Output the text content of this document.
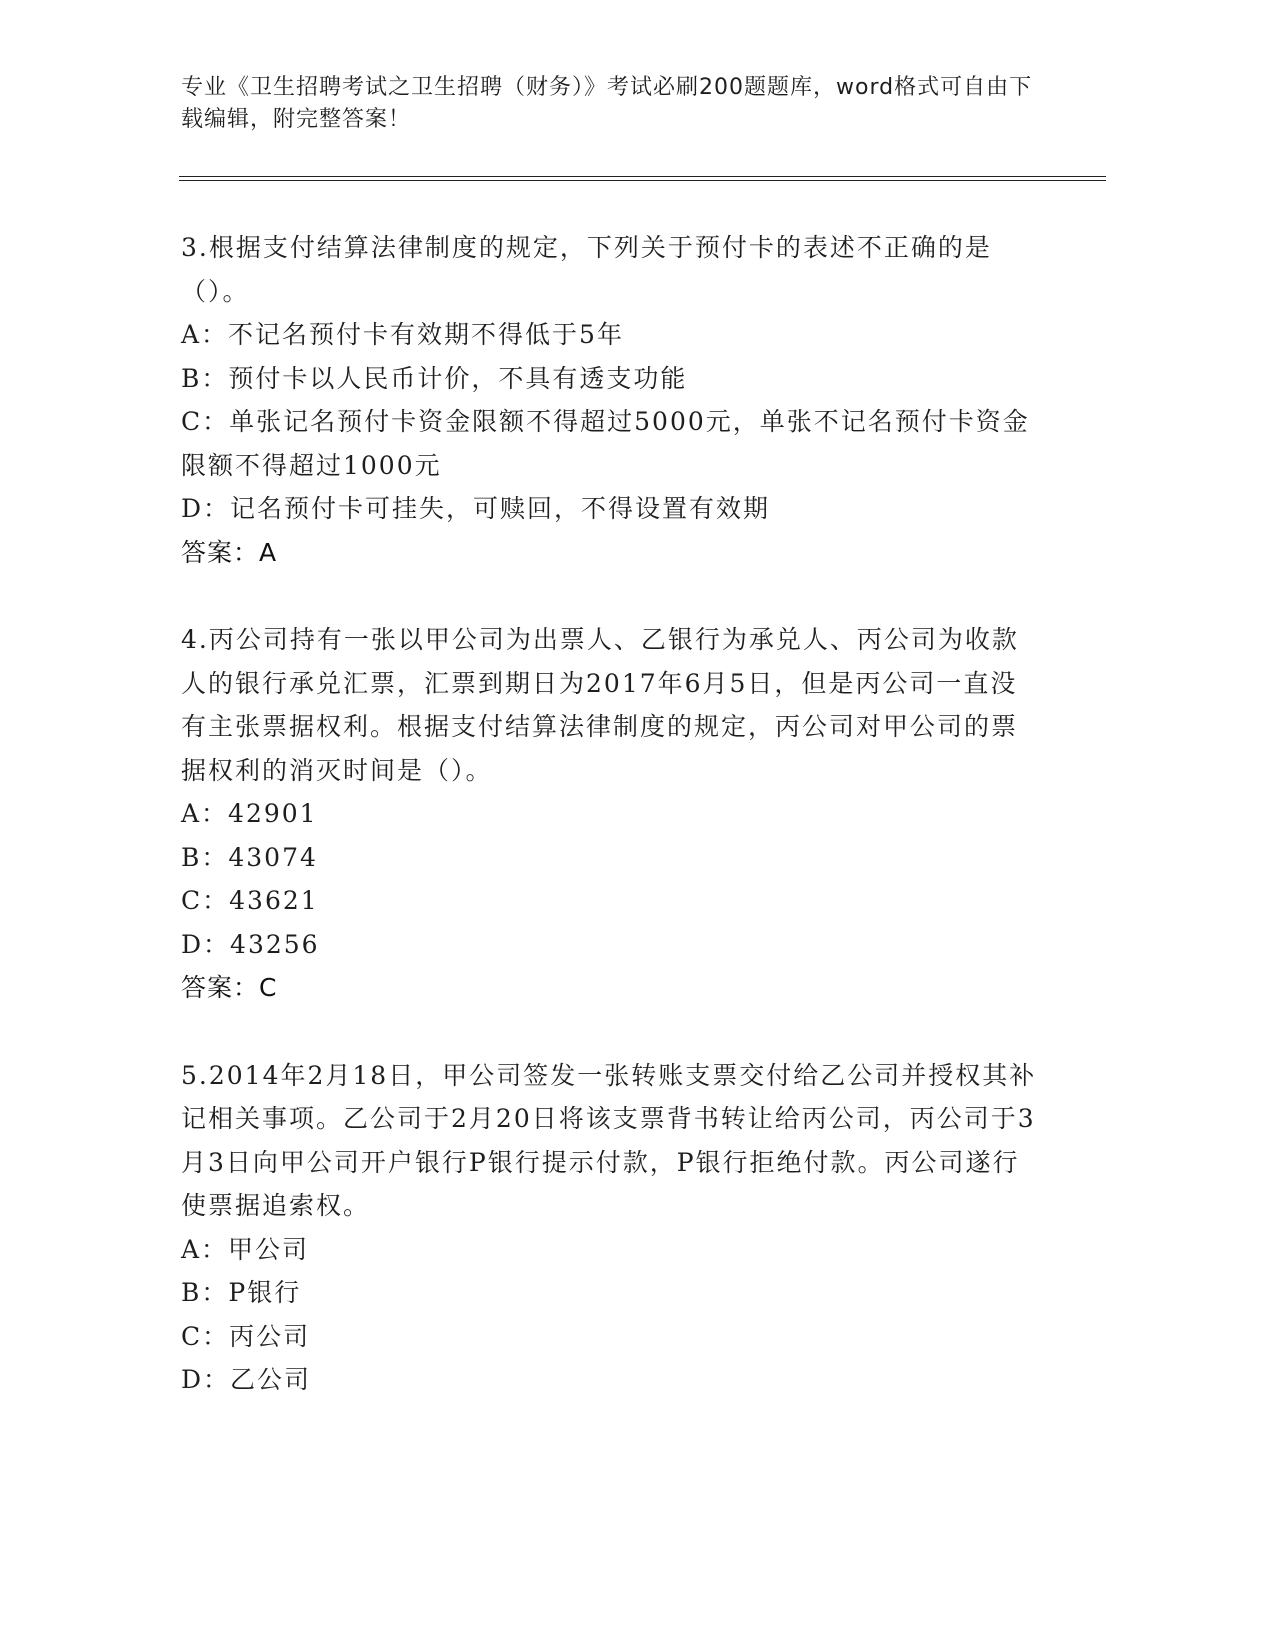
专业《卫生招聘考试之卫生招聘（财务）》考试必刷200题题库，word格式可自由下载编辑，附完整答案！
3.根据支付结算法律制度的规定，下列关于预付卡的表述不正确的是（）。
A：不记名预付卡有效期不得低于5年
B：预付卡以人民币计价，不具有透支功能
C：单张记名预付卡资金限额不得超过5000元，单张不记名预付卡资金限额不得超过1000元
D：记名预付卡可挂失，可赎回，不得设置有效期
答案：A
4.丙公司持有一张以甲公司为出票人、乙银行为承兑人、丙公司为收款人的银行承兑汇票，汇票到期日为2017年6月5日，但是丙公司一直没有主张票据权利。根据支付结算法律制度的规定，丙公司对甲公司的票据权利的消灭时间是（）。
A：42901
B：43074
C：43621
D：43256
答案：C
5.2014年2月18日，甲公司签发一张转账支票交付给乙公司并授权其补记相关事项。乙公司于2月20日将该支票背书转让给丙公司，丙公司于3月3日向甲公司开户银行P银行提示付款，P银行拒绝付款。丙公司遂行使票据追索权。
A：甲公司
B：P银行
C：丙公司
D：乙公司
